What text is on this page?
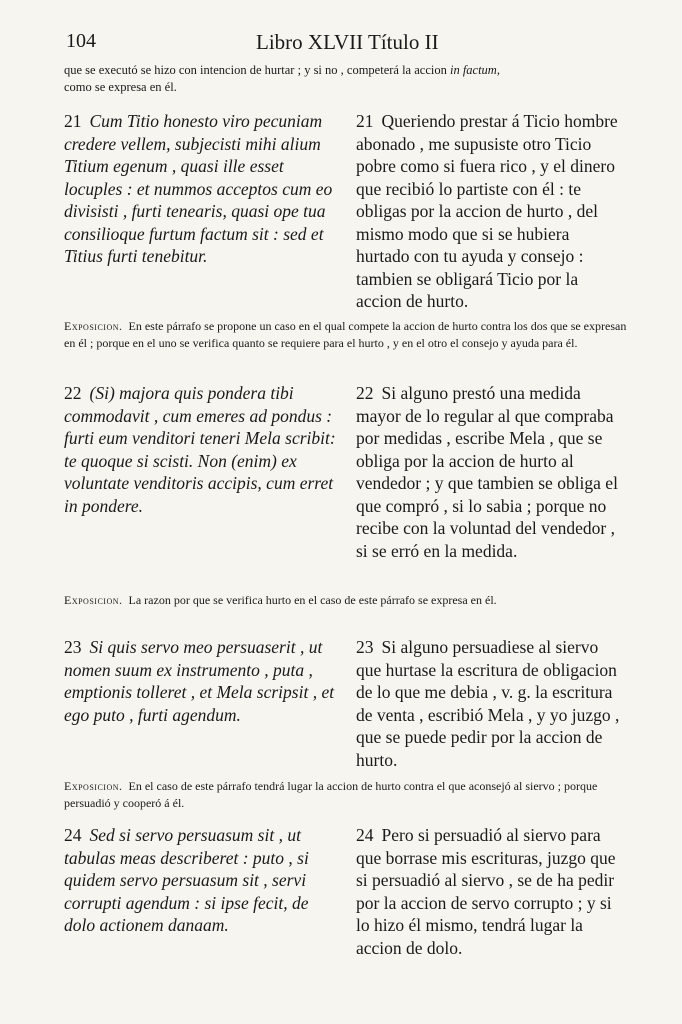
104	Libro XLVII Título II
que se executó se hizo con intencion de hurtar ; y si no , competerá la accion in factum,
como se expresa en él.
21 Cum Titio honesto viro pecuniam credere vellem, subjecisti mihi alium Titium egenum , quasi ille esset locuples : et nummos acceptos cum eo divisisti , furti tenearis, quasi ope tua consilioque furtum factum sit : sed et Titius furti tenebitur.
21 Queriendo prestar á Ticio hombre abonado , me supusiste otro Ticio pobre como si fuera rico , y el dinero que recibió lo partiste con él : te obligas por la accion de hurto , del mismo modo que si se hubiera hurtado con tu ayuda y consejo : tambien se obligará Ticio por la accion de hurto.
Exposicion. En este párrafo se propone un caso en el qual compete la accion de hurto contra los dos que se expresan en él ; porque en el uno se verifica quanto se requiere para el hurto , y en el otro el consejo y ayuda para él.
22 (Si) majora quis pondera tibi commodavit , cum emeres ad pondus : furti eum venditori teneri Mela scribit: te quoque si scisti. Non (enim) ex voluntate venditoris accipis, cum erret in pondere.
22 Si alguno prestó una medida mayor de lo regular al que compraba por medidas , escribe Mela , que se obliga por la accion de hurto al vendedor ; y que tambien se obliga el que compró , si lo sabia ; porque no recibe con la voluntad del vendedor , si se erró en la medida.
Exposicion. La razon por que se verifica hurto en el caso de este párrafo se expresa en él.
23 Si quis servo meo persuaserit , ut nomen suum ex instrumento , puta , emptionis tolleret , et Mela scripsit , et ego puto , furti agendum.
23 Si alguno persuadiese al siervo que hurtase la escritura de obligacion de lo que me debia , v. g. la escritura de venta , escribió Mela , y yo juzgo , que se puede pedir por la accion de hurto.
Exposicion. En el caso de este párrafo tendrá lugar la accion de hurto contra el que aconsejó al siervo ; porque persuadió y cooperó á él.
24 Sed si servo persuasum sit , ut tabulas meas describeret : puto , si quidem servo persuasum sit , servi corrupti agendum : si ipse fecit, de dolo actionem danaam.
24 Pero si persuadió al siervo para que borrase mis escrituras, juzgo que si persuadió al siervo , se de ha pedir por la accion de servo corrupto ; y si lo hizo él mismo, tendrá lugar la accion de dolo.
